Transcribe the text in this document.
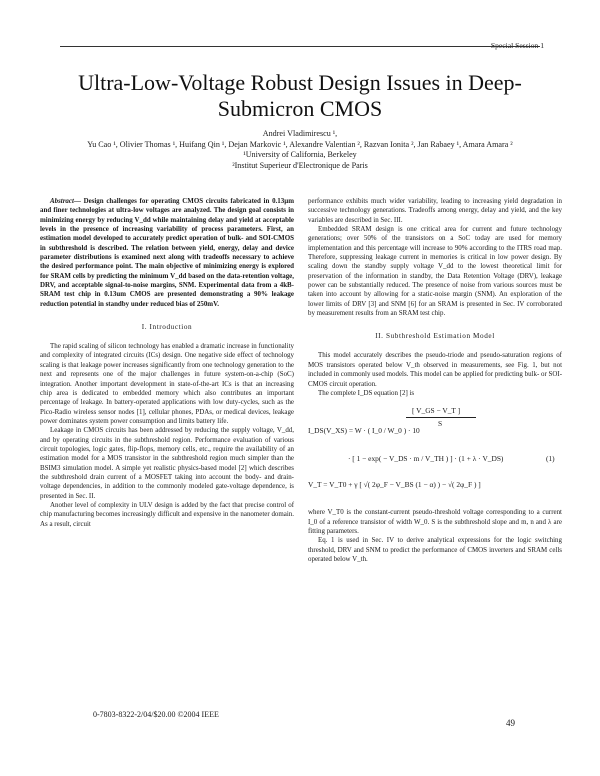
Special Session 1
Ultra-Low-Voltage Robust Design Issues in Deep-
Submicron CMOS
Andrei Vladimirescu ¹,
Yu Cao ¹, Olivier Thomas ¹, Huifang Qin ¹, Dejan Markovic ¹, Alexandre Valentian ², Razvan Ionita ², Jan Rabaey ¹, Amara Amara ²
¹University of California, Berkeley
²Institut Superieur d'Electronique de Paris

Abstract— Design challenges for operating CMOS circuits fabricated in 0.13µm and finer technologies at ultra-low voltages are analyzed. The design goal consists in minimizing energy by reducing V_dd while maintaining delay and yield at acceptable levels in the presence of increasing variability of process parameters. First, an estimation model developed to accurately predict operation of bulk- and SOI-CMOS in subthreshold is described. The relation between yield, energy, delay and device parameter distributions is examined next along with tradeoffs necessary to achieve the desired performance point. The main objective of minimizing energy is explored for SRAM cells by predicting the minimum V_dd based on the data-retention voltage, DRV, and acceptable signal-to-noise margins, SNM. Experimental data from a 4kB-SRAM test chip in 0.13um CMOS are presented demonstrating a 90% leakage reduction potential in standby under reduced bias of 250mV.

I. Introduction

The rapid scaling of silicon technology has enabled a dramatic increase in functionality and complexity of integrated circuits (ICs) design. One negative side effect of technology scaling is that leakage power increases significantly from one technology generation to the next and represents one of the major challenges in future system-on-a-chip (SoC) integration. Another important development in state-of-the-art ICs is that an increasing chip area is dedicated to embedded memory which also contributes an important percentage of leakage. In battery-operated applications with low duty-cycles, such as the Pico-Radio wireless sensor nodes [1], cellular phones, PDAs, or medical devices, leakage power dominates system power consumption and limits battery life.

Leakage in CMOS circuits has been addressed by reducing the supply voltage, V_dd, and by operating circuits in the subthreshold region. Performance evaluation of various circuit topologies, logic gates, flip-flops, memory cells, etc., require the availability of an estimation model for a MOS transistor in the subthreshold region much simpler than the BSIM3 simulation model. A simple yet realistic physics-based model [2] which describes the subthreshold drain current of a MOSFET taking into account the body- and drain-voltage dependencies, in addition to the commonly modeled gate-voltage dependence, is presented in Sec. II.

Another level of complexity in ULV design is added by the fact that precise control of chip manufacturing becomes increasingly difficult and expensive in the nanometer domain. As a result, circuit

performance exhibits much wider variability, leading to increasing yield degradation in successive technology generations. Tradeoffs among energy, delay and yield, and the key variables are described in Sec. III.

Embedded SRAM design is one critical area for current and future technology generations; over 50% of the transistors on a SoC today are used for memory implementation and this percentage will increase to 90% according to the ITRS road map. Therefore, suppressing leakage current in memories is critical in low power design. By scaling down the standby supply voltage V_dd to the lowest theoretical limit for preservation of the information in standby, the Data Retention Voltage (DRV), leakage power can be substantially reduced. The presence of noise from various sources must be taken into account by allowing for a static-noise margin (SNM). An exploration of the lower limits of DRV [3] and SNM [6] for an SRAM is presented in Sec. IV corroborated by measurement results from an SRAM test chip.

II. Subthreshold Estimation Model

This model accurately describes the pseudo-triode and pseudo-saturation regions of MOS transistors operated below V_th observed in measurements, see Fig. 1, but not included in commonly used models. This model can be applied for predicting bulk- or SOI-CMOS circuit operation.

The complete I_DS equation [2] is

[ V_GS − V_T ]
S
I_DS(V_XS) = W · ( I_0 / W_0 ) · 10
· [ 1 − exp( − V_DS · m / V_TH ) ] · (1 + λ · V_DS)	(1)
V_T = V_T0 + γ [ √( 2φ_F − V_BS (1 − α) ) − √( 2φ_F ) ]

where V_T0 is the constant-current pseudo-threshold voltage corresponding to a current I_0 of a reference transistor of width W_0. S is the subthreshold slope and m, n and λ are fitting parameters.

Eq. 1 is used in Sec. IV to derive analytical expressions for the logic switching threshold, DRV and SNM to predict the performance of CMOS inverters and SRAM cells operated below V_th.

0-7803-8322-2/04/$20.00 ©2004 IEEE
49
